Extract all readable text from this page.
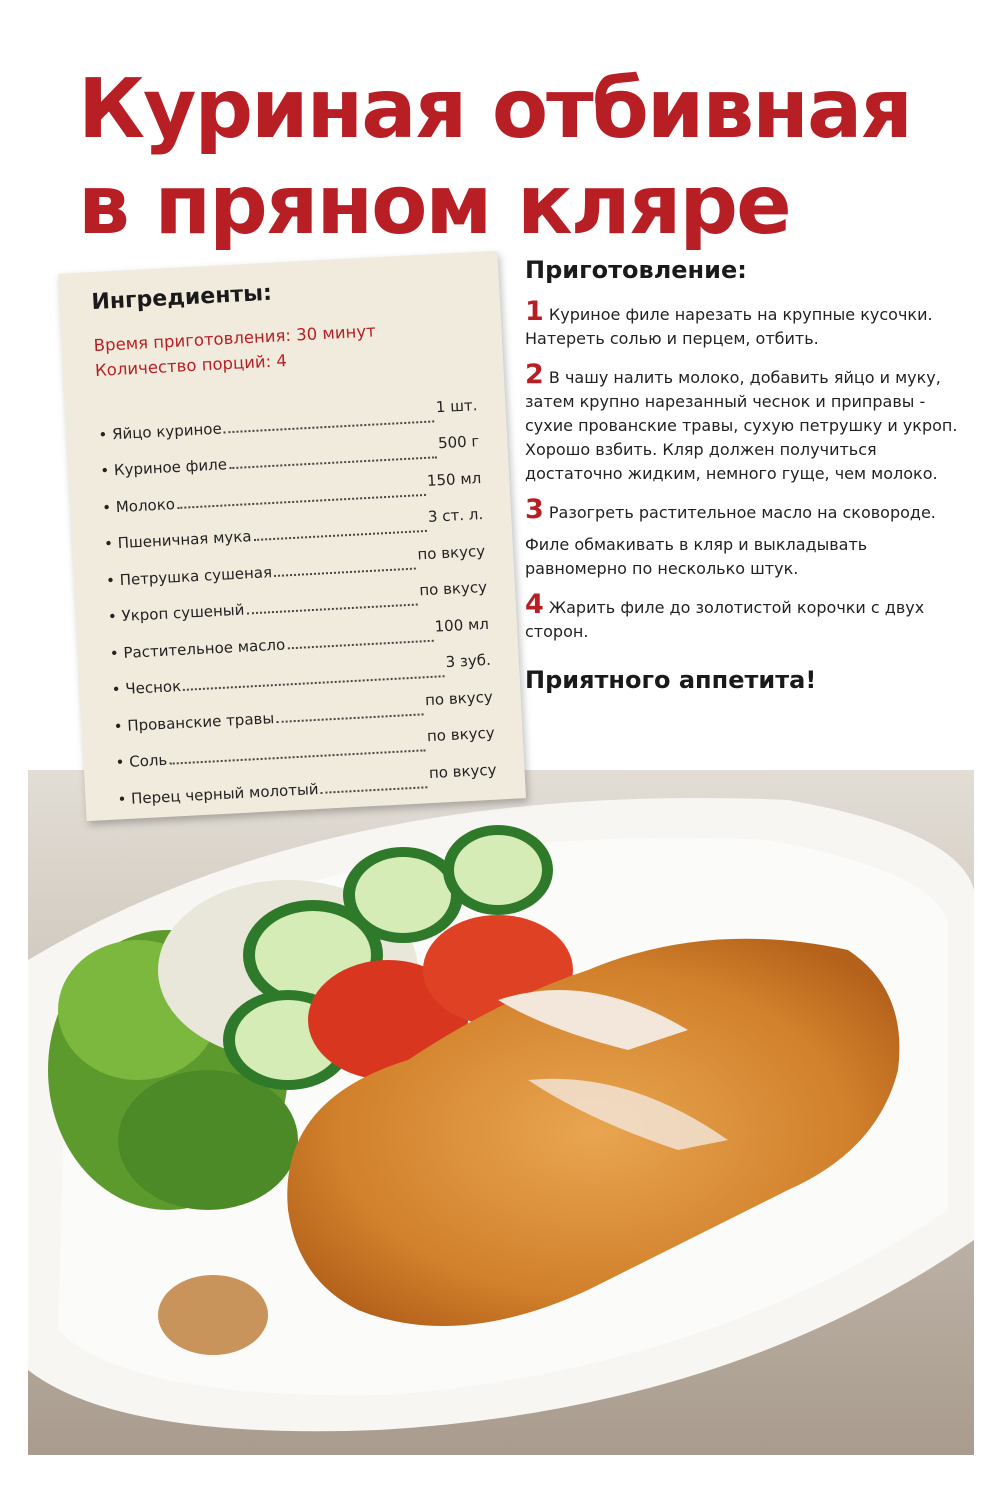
Куриная отбивная
в пряном кляре
Ингредиенты:
Время приготовления: 30 минут
Количество порций: 4
• Яйцо куриное
1 шт.
• Куриное филе
500 г
• Молоко
150 мл
• Пшеничная мука
3 ст. л.
• Петрушка сушеная
по вкусу
• Укроп сушеный
по вкусу
• Растительное масло
100 мл
• Чеснок
3 зуб.
• Прованские травы
по вкусу
• Соль
по вкусу
• Перец черный молотый
по вкусу
Приготовление:

1 Куриное филе нарезать на крупные кусочки. Натереть солью и перцем, отбить.

2 В чашу налить молоко, добавить яйцо и муку, затем крупно нарезанный чеснок и приправы - сухие прованские травы, сухую петрушку и укроп. Хорошо взбить. Кляр должен получиться достаточно жидким, немного гуще, чем молоко.

3 Разогреть растительное масло на сковороде.

Филе обмакивать в кляр и выкладывать равномерно по несколько штук.

4 Жарить филе до золотистой корочки с двух сторон.

Приятного аппетита!
